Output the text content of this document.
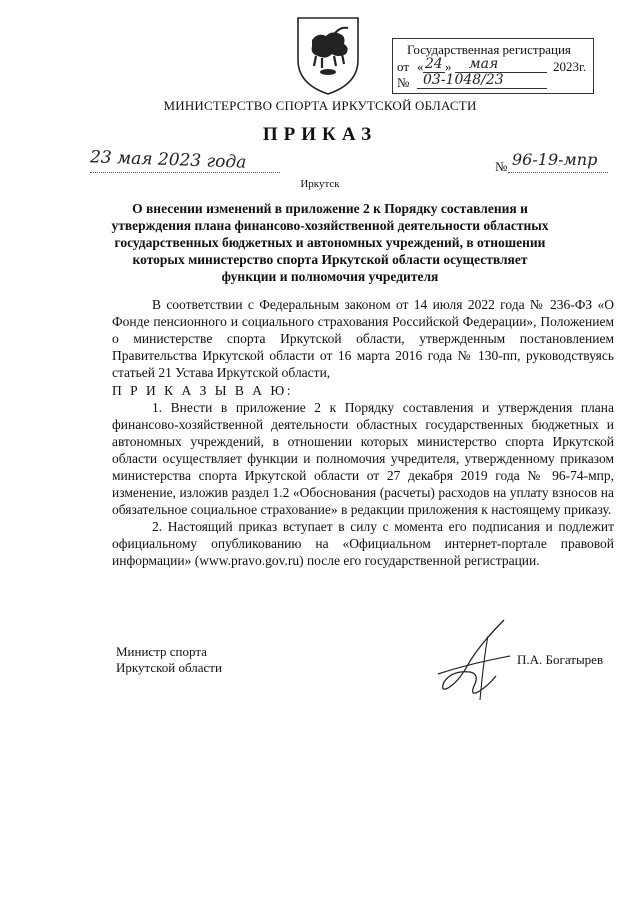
Государственная регистрация
от « 24 » мая	2023г.
№ 03-1048/23
МИНИСТЕРСТВО СПОРТА ИРКУТСКОЙ ОБЛАСТИ
ПРИКАЗ
23 мая 2023 года	№ 96-19-мпр
Иркутск
О внесении изменений в приложение 2 к Порядку составления и утверждения плана финансово-хозяйственной деятельности областных государственных бюджетных и автономных учреждений, в отношении которых министерство спорта Иркутской области осуществляет функции и полномочия учредителя

В соответствии с Федеральным законом от 14 июля 2022 года № 236-ФЗ «О Фонде пенсионного и социального страхования Российской Федерации», Положением о министерстве спорта Иркутской области, утвержденным постановлением Правительства Иркутской области от 16 марта 2016 года № 130-пп, руководствуясь статьей 21 Устава Иркутской области,

П Р И К А З Ы В А Ю:

1. Внести в приложение 2 к Порядку составления и утверждения плана финансово-хозяйственной деятельности областных государственных бюджетных и автономных учреждений, в отношении которых министерство спорта Иркутской области осуществляет функции и полномочия учредителя, утвержденному приказом министерства спорта Иркутской области от 27 декабря 2019 года № 96-74-мпр, изменение, изложив раздел 1.2 «Обоснования (расчеты) расходов на уплату взносов на обязательное социальное страхование» в редакции приложения к настоящему приказу.

2. Настоящий приказ вступает в силу с момента его подписания и подлежит официальному опубликованию на «Официальном интернет-портале правовой информации» (www.pravo.gov.ru) после его государственной регистрации.

Министр спорта
Иркутской области
П.А. Богатырев
